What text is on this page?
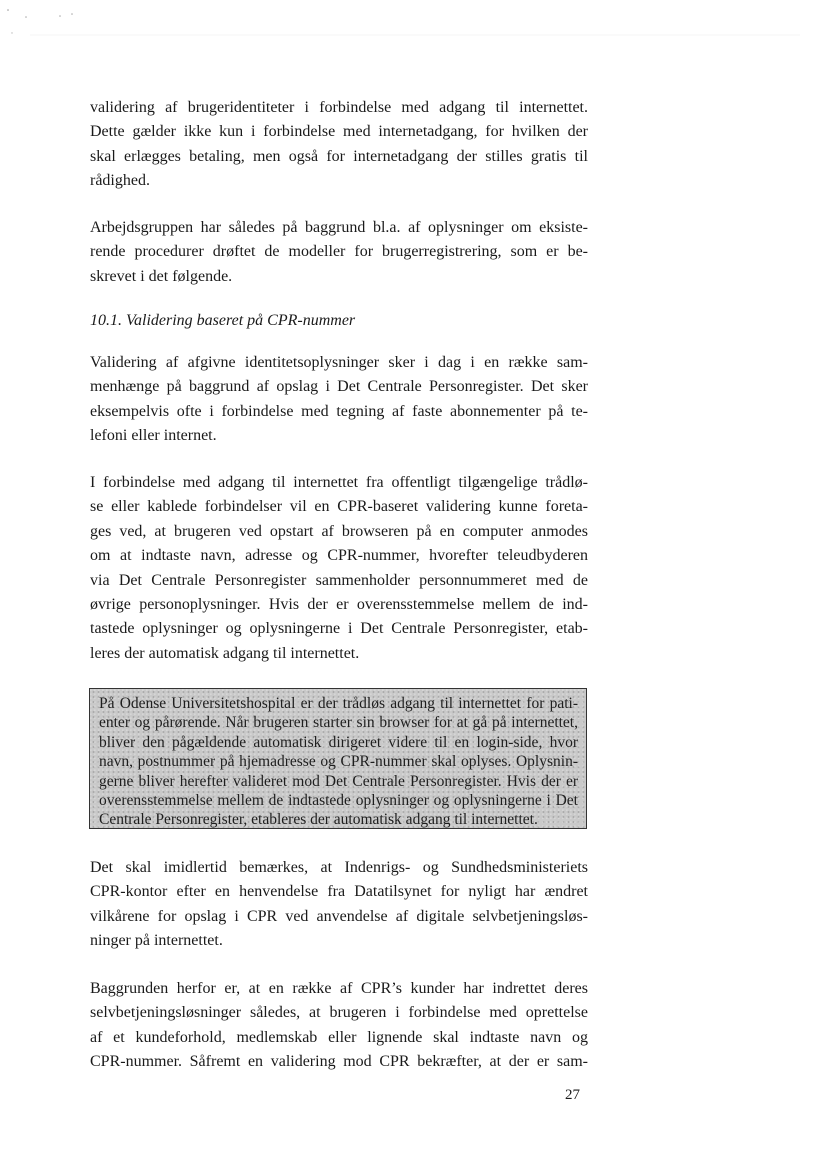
validering af brugeridentiteter i forbindelse med adgang til internettet.
Dette gælder ikke kun i forbindelse med internetadgang, for hvilken der
skal erlægges betaling, men også for internetadgang der stilles gratis til
rådighed.
Arbejdsgruppen har således på baggrund bl.a. af oplysninger om eksiste-
rende procedurer drøftet de modeller for brugerregistrering, som er be-
skrevet i det følgende.

10.1. Validering baseret på CPR-nummer

Validering af afgivne identitetsoplysninger sker i dag i en række sam-
menhænge på baggrund af opslag i Det Centrale Personregister. Det sker
eksempelvis ofte i forbindelse med tegning af faste abonnementer på te-
lefoni eller internet.
I forbindelse med adgang til internettet fra offentligt tilgængelige trådlø-
se eller kablede forbindelser vil en CPR-baseret validering kunne foreta-
ges ved, at brugeren ved opstart af browseren på en computer anmodes
om at indtaste navn, adresse og CPR-nummer, hvorefter teleudbyderen
via Det Centrale Personregister sammenholder personnummeret med de
øvrige personoplysninger. Hvis der er overensstemmelse mellem de ind-
tastede oplysninger og oplysningerne i Det Centrale Personregister, etab-
leres der automatisk adgang til internettet.
På Odense Universitetshospital er der trådløs adgang til internettet for pati-
enter og pårørende. Når brugeren starter sin browser for at gå på internettet,
bliver den pågældende automatisk dirigeret videre til en login-side, hvor
navn, postnummer på hjemadresse og CPR-nummer skal oplyses. Oplysnin-
gerne bliver herefter valideret mod Det Centrale Personregister. Hvis der er
overensstemmelse mellem de indtastede oplysninger og oplysningerne i Det
Centrale Personregister, etableres der automatisk adgang til internettet.
Det skal imidlertid bemærkes, at Indenrigs- og Sundhedsministeriets
CPR-kontor efter en henvendelse fra Datatilsynet for nyligt har ændret
vilkårene for opslag i CPR ved anvendelse af digitale selvbetjeningsløs-
ninger på internettet.
Baggrunden herfor er, at en række af CPR’s kunder har indrettet deres
selvbetjeningsløsninger således, at brugeren i forbindelse med oprettelse
af et kundeforhold, medlemskab eller lignende skal indtaste navn og
CPR-nummer. Såfremt en validering mod CPR bekræfter, at der er sam-

27
